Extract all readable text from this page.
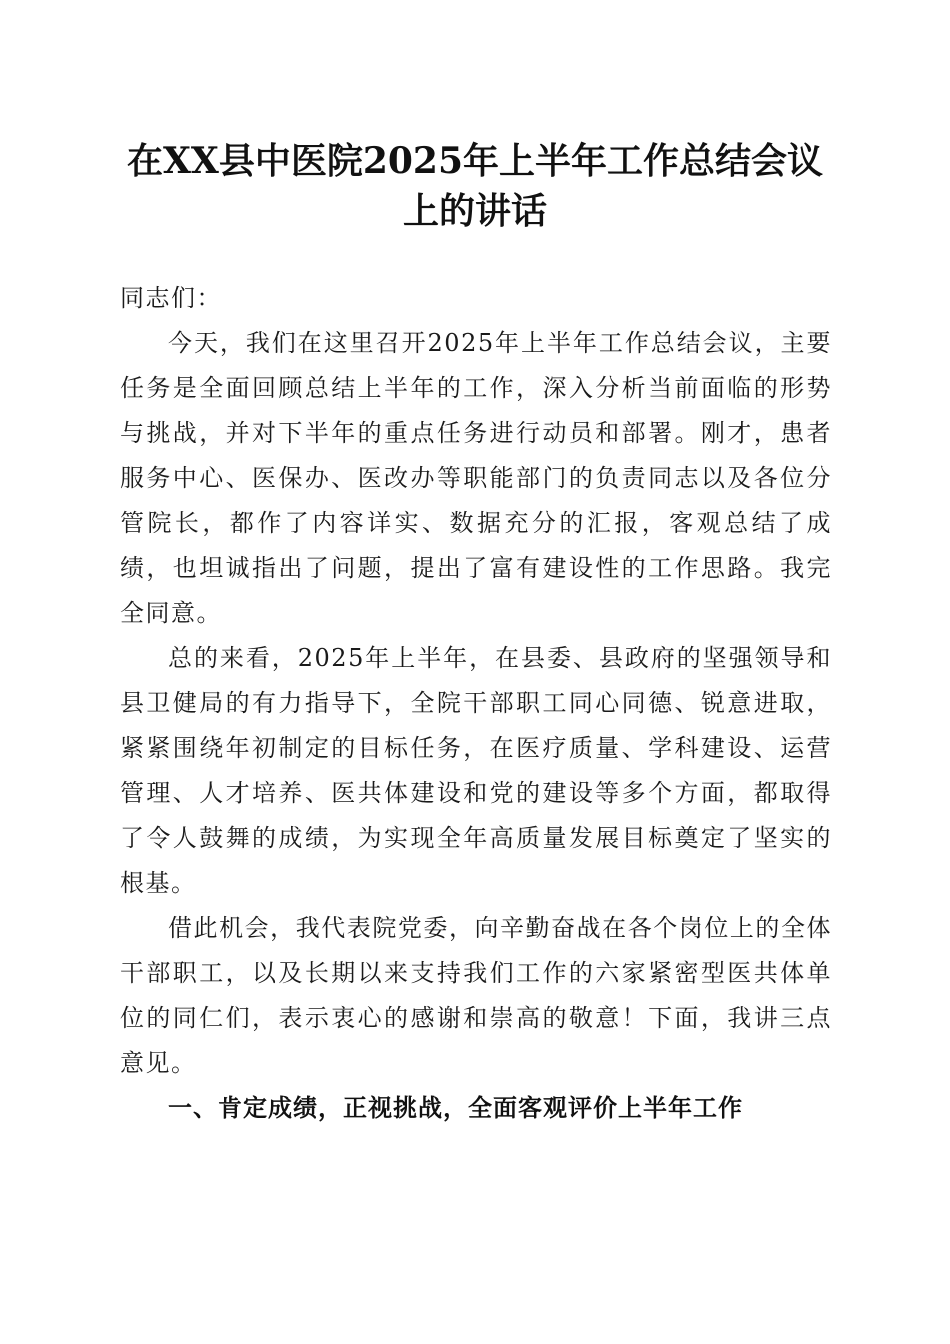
在XX县中医院2025年上半年工作总结会议
上的讲话

同志们：

今天，我们在这里召开2025年上半年工作总结会议，主要任务是全面回顾总结上半年的工作，深入分析当前面临的形势与挑战，并对下半年的重点任务进行动员和部署。刚才，患者服务中心、医保办、医改办等职能部门的负责同志以及各位分管院长，都作了内容详实、数据充分的汇报，客观总结了成绩，也坦诚指出了问题，提出了富有建设性的工作思路。我完全同意。

总的来看，2025年上半年，在县委、县政府的坚强领导和县卫健局的有力指导下，全院干部职工同心同德、锐意进取，紧紧围绕年初制定的目标任务，在医疗质量、学科建设、运营管理、人才培养、医共体建设和党的建设等多个方面，都取得了令人鼓舞的成绩，为实现全年高质量发展目标奠定了坚实的根基。

借此机会，我代表院党委，向辛勤奋战在各个岗位上的全体干部职工，以及长期以来支持我们工作的六家紧密型医共体单位的同仁们，表示衷心的感谢和崇高的敬意！下面，我讲三点意见。

一、肯定成绩，正视挑战，全面客观评价上半年工作
